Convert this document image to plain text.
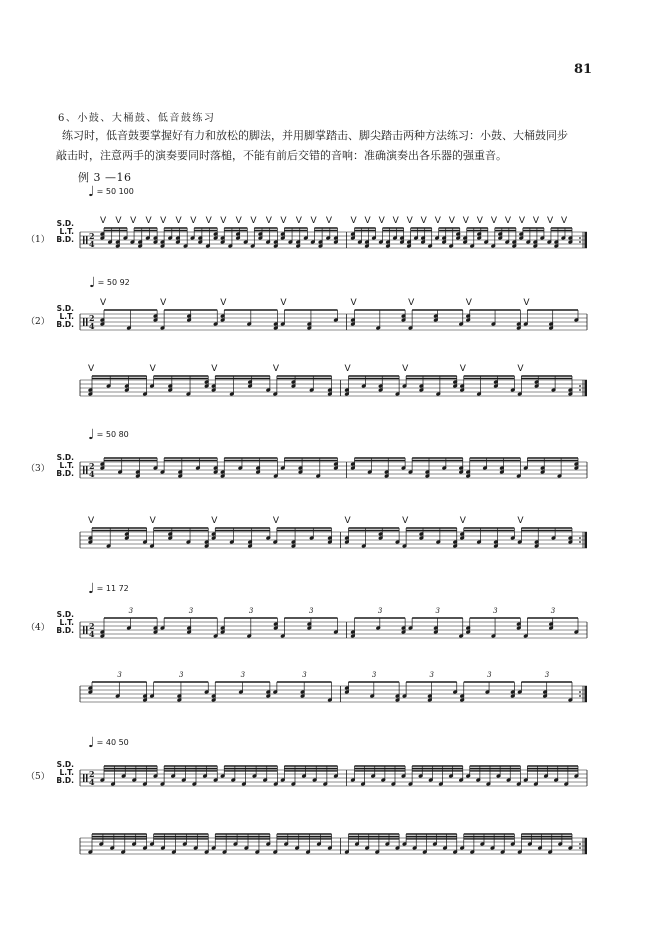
81
6、小鼓、大桶鼓、低音鼓练习
练习时，低音鼓要掌握好有力和放松的脚法，并用脚掌踏击、脚尖踏击两种方法练习：小鼓、大桶鼓同步
敲击时，注意两手的演奏要同时落槌，不能有前后交错的音响：准确演奏出各乐器的强重音。
例 3 —16
♩ = 50 100
♩ = 50 92
♩ = 50 80
♩ = 11 72
♩ = 40 50
（1）
（2）
（3）
（4）
（5）
S.D.
L.T.
B.D.
S.D.
L.T.
B.D.
S.D.
L.T.
B.D.
S.D.
L.T.
B.D.
S.D.
L.T.
B.D.
2
4
V V V V V V V V V V V V V V V V V V V V V V V V V V V V V V V V
2
4
V	V	V	V	V	V	V	V
V	V	V	V	V	V	V	V
2
4
V	V	V	V	V	V	V	V
2
4
3	3	3	3	3	3	3	3
3	3	3	3	3	3	3	3
2
4
